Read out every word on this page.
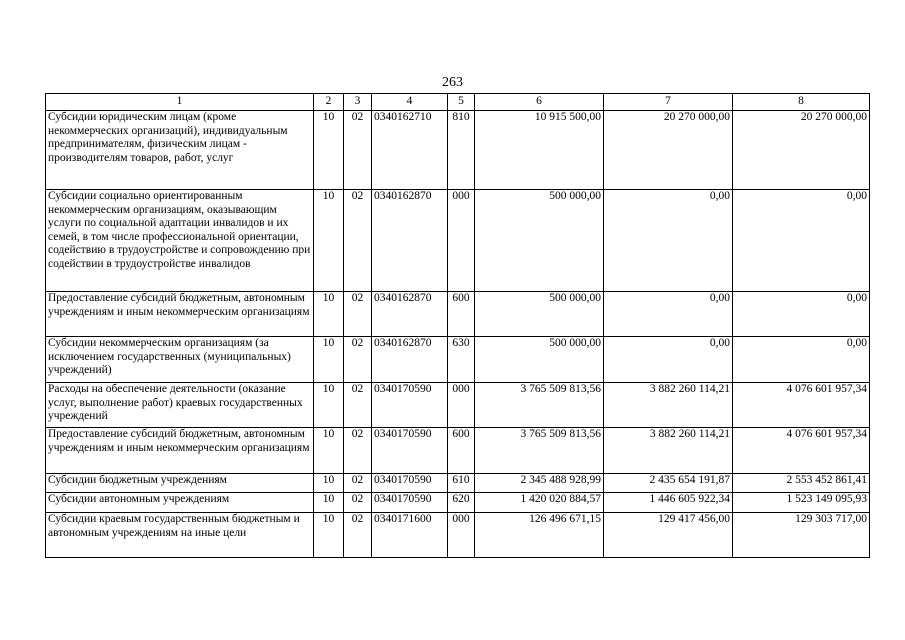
263
1	2	3	4	5	6	7	8
Субсидии юридическим лицам (кроме некоммерческих организаций), индивидуальным предпринимателям, физическим лицам - производителям товаров, работ, услуг	10	02	0340162710	810	10 915 500,00	20 270 000,00	20 270 000,00
Субсидии социально ориентированным некоммерческим организациям, оказывающим услуги по социальной адаптации инвалидов и их семей, в том числе профессиональной ориентации, содействию в трудоустройстве и сопровождению при содействии в трудоустройстве инвалидов	10	02	0340162870	000	500 000,00	0,00	0,00
Предоставление субсидий бюджетным, автономным учреждениям и иным некоммерческим организациям	10	02	0340162870	600	500 000,00	0,00	0,00
Субсидии некоммерческим организациям (за исключением государственных (муниципальных) учреждений)	10	02	0340162870	630	500 000,00	0,00	0,00
Расходы на обеспечение деятельности (оказание услуг, выполнение работ) краевых государственных учреждений	10	02	0340170590	000	3 765 509 813,56	3 882 260 114,21	4 076 601 957,34
Предоставление субсидий бюджетным, автономным учреждениям и иным некоммерческим организациям	10	02	0340170590	600	3 765 509 813,56	3 882 260 114,21	4 076 601 957,34
Субсидии бюджетным учреждениям	10	02	0340170590	610	2 345 488 928,99	2 435 654 191,87	2 553 452 861,41
Субсидии автономным учреждениям	10	02	0340170590	620	1 420 020 884,57	1 446 605 922,34	1 523 149 095,93
Субсидии краевым государственным бюджетным и автономным учреждениям на иные цели	10	02	0340171600	000	126 496 671,15	129 417 456,00	129 303 717,00
